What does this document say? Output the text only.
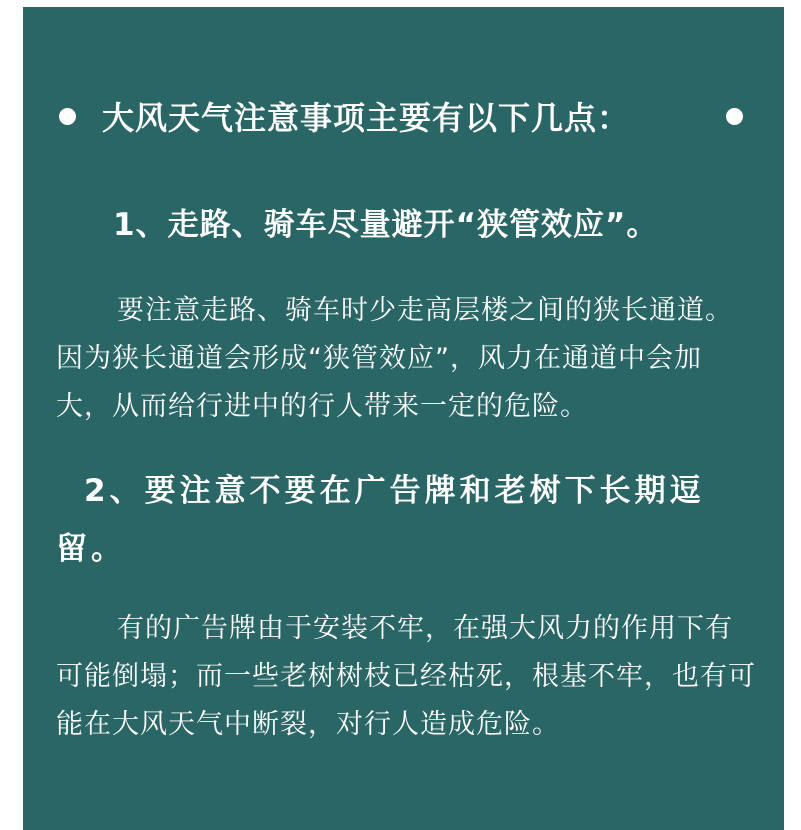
大风天气注意事项主要有以下几点：
1、走路、骑车尽量避开“狭管效应”。
要注意走路、骑车时少走高层楼之间的狭长通道。因为狭长通道会形成“狭管效应”，风力在通道中会加大，从而给行进中的行人带来一定的危险。
2、要注意不要在广告牌和老树下长期逗留。
有的广告牌由于安装不牢，在强大风力的作用下有可能倒塌；而一些老树树枝已经枯死，根基不牢，也有可能在大风天气中断裂，对行人造成危险。
